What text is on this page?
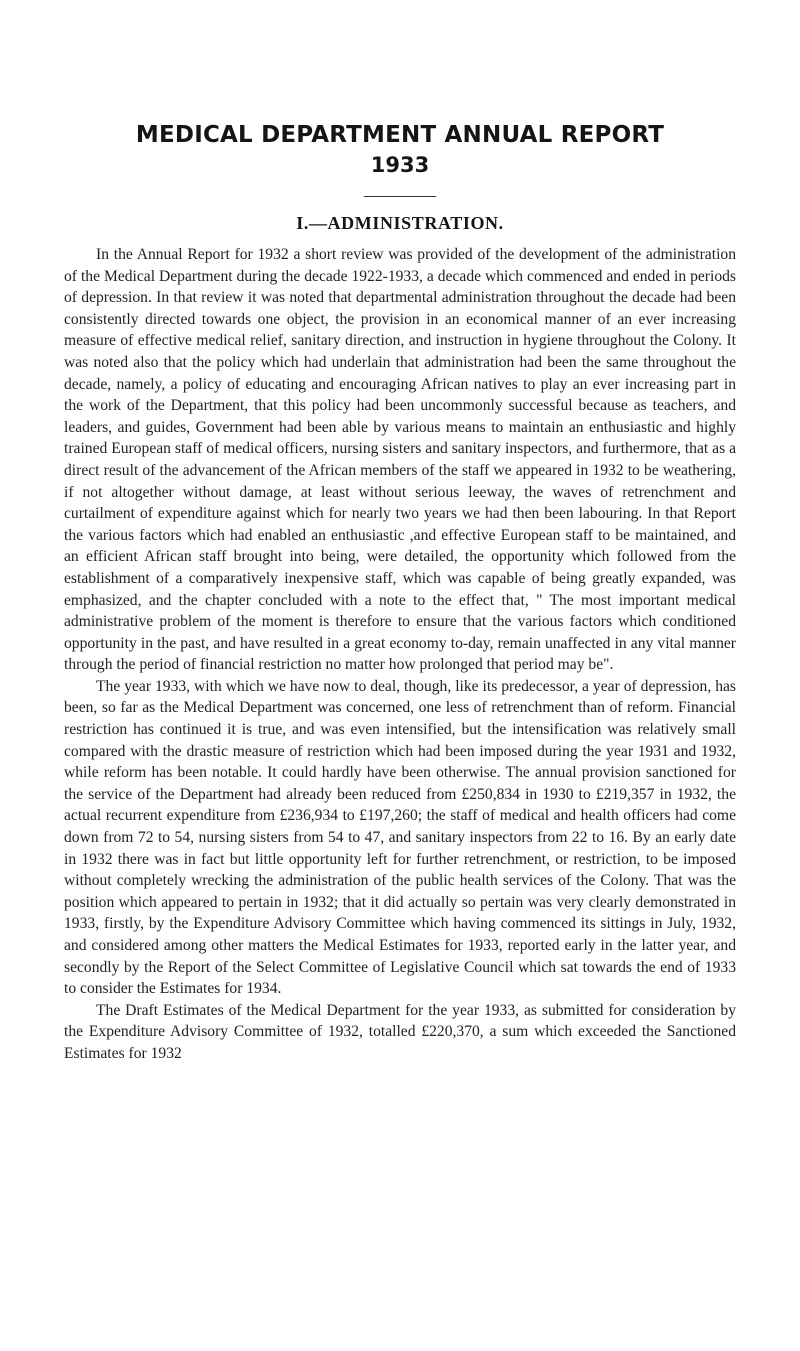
MEDICAL DEPARTMENT ANNUAL REPORT
1933
I.—ADMINISTRATION.

In the Annual Report for 1932 a short review was provided of the development of the administration of the Medical Department during the decade 1922-1933, a decade which commenced and ended in periods of depression. In that review it was noted that departmental administration throughout the decade had been consistently directed towards one object, the provision in an economical manner of an ever increasing measure of effective medical relief, sanitary direction, and instruction in hygiene throughout the Colony. It was noted also that the policy which had underlain that administration had been the same throughout the decade, namely, a policy of educating and encouraging African natives to play an ever increasing part in the work of the Department, that this policy had been uncommonly successful because as teachers, and leaders, and guides, Government had been able by various means to maintain an enthusiastic and highly trained European staff of medical officers, nursing sisters and sanitary inspectors, and furthermore, that as a direct result of the advancement of the African members of the staff we appeared in 1932 to be weathering, if not altogether without damage, at least without serious leeway, the waves of retrenchment and curtailment of expenditure against which for nearly two years we had then been labouring. In that Report the various factors which had enabled an enthusiastic ,and effective European staff to be maintained, and an efficient African staff brought into being, were detailed, the opportunity which followed from the establishment of a comparatively inexpensive staff, which was capable of being greatly expanded, was emphasized, and the chapter concluded with a note to the effect that, " The most important medical administrative problem of the moment is therefore to ensure that the various factors which conditioned opportunity in the past, and have resulted in a great economy to-day, remain unaffected in any vital manner through the period of financial restriction no matter how prolonged that period may be".

The year 1933, with which we have now to deal, though, like its predecessor, a year of depression, has been, so far as the Medical Department was concerned, one less of retrenchment than of reform. Financial restriction has continued it is true, and was even intensified, but the intensification was relatively small compared with the drastic measure of restriction which had been imposed during the year 1931 and 1932, while reform has been notable. It could hardly have been otherwise. The annual provision sanctioned for the service of the Department had already been reduced from £250,834 in 1930 to £219,357 in 1932, the actual recurrent expenditure from £236,934 to £197,260; the staff of medical and health officers had come down from 72 to 54, nursing sisters from 54 to 47, and sanitary inspectors from 22 to 16. By an early date in 1932 there was in fact but little opportunity left for further retrenchment, or restriction, to be imposed without completely wrecking the administration of the public health services of the Colony. That was the position which appeared to pertain in 1932; that it did actually so pertain was very clearly demonstrated in 1933, firstly, by the Expenditure Advisory Committee which having commenced its sittings in July, 1932, and considered among other matters the Medical Estimates for 1933, reported early in the latter year, and secondly by the Report of the Select Committee of Legislative Council which sat towards the end of 1933 to consider the Estimates for 1934.

The Draft Estimates of the Medical Department for the year 1933, as submitted for consideration by the Expenditure Advisory Committee of 1932, totalled £220,370, a sum which exceeded the Sanctioned Estimates for 1932
